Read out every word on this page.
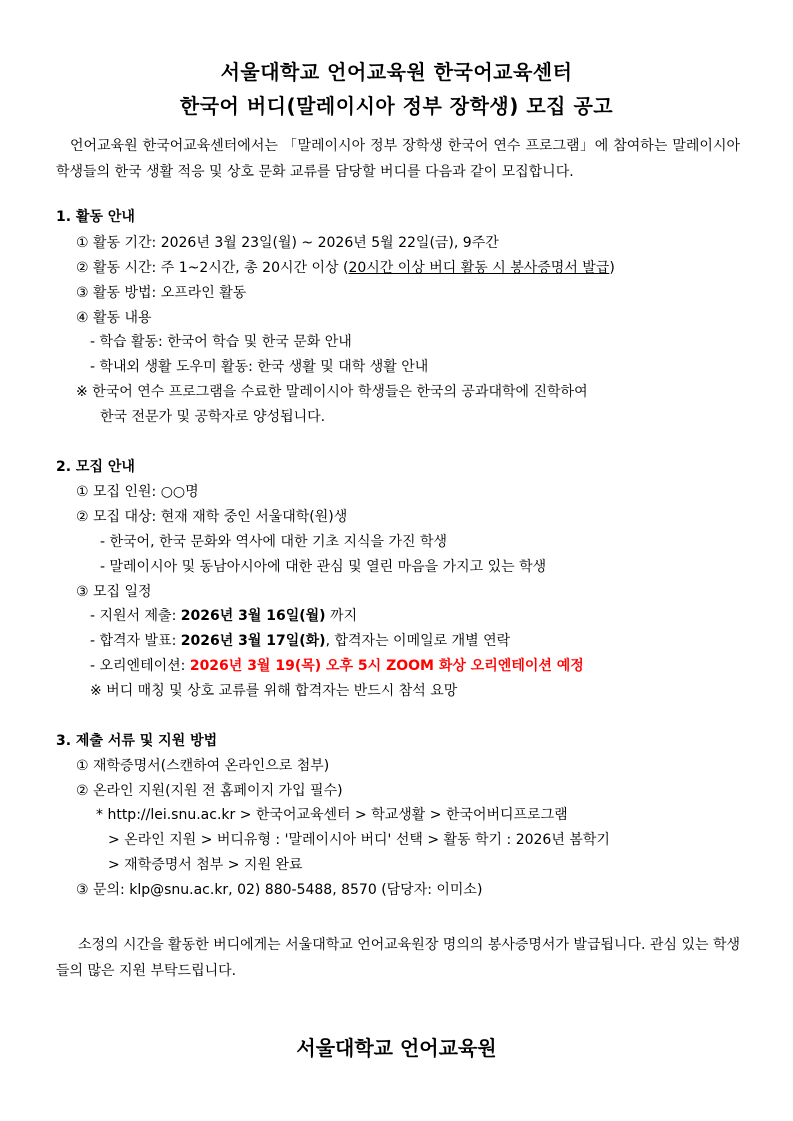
서울대학교 언어교육원 한국어교육센터
한국어 버디(말레이시아 정부 장학생) 모집 공고
언어교육원 한국어교육센터에서는 「말레이시아 정부 장학생 한국어 연수 프로그램」에 참여하는 말레이시아 학생들의 한국 생활 적응 및 상호 문화 교류를 담당할 버디를 다음과 같이 모집합니다.
1. 활동 안내
① 활동 기간: 2026년 3월 23일(월) ~ 2026년 5월 22일(금), 9주간
② 활동 시간: 주 1~2시간, 총 20시간 이상 (20시간 이상 버디 활동 시 봉사증명서 발급)
③ 활동 방법: 오프라인 활동
④ 활동 내용
- 학습 활동: 한국어 학습 및 한국 문화 안내
- 학내외 생활 도우미 활동: 한국 생활 및 대학 생활 안내
※ 한국어 연수 프로그램을 수료한 말레이시아 학생들은 한국의 공과대학에 진학하여
한국 전문가 및 공학자로 양성됩니다.
2. 모집 안내
① 모집 인원: ○○명
② 모집 대상: 현재 재학 중인 서울대학(원)생
- 한국어, 한국 문화와 역사에 대한 기초 지식을 가진 학생
- 말레이시아 및 동남아시아에 대한 관심 및 열린 마음을 가지고 있는 학생
③ 모집 일정
- 지원서 제출: 2026년 3월 16일(월) 까지
- 합격자 발표: 2026년 3월 17일(화), 합격자는 이메일로 개별 연락
- 오리엔테이션: 2026년 3월 19(목) 오후 5시 ZOOM 화상 오리엔테이션 예정
※ 버디 매칭 및 상호 교류를 위해 합격자는 반드시 참석 요망
3. 제출 서류 및 지원 방법
① 재학증명서(스캔하여 온라인으로 첨부)
② 온라인 지원(지원 전 홈페이지 가입 필수)
* http://lei.snu.ac.kr > 한국어교육센터 > 학교생활 > 한국어버디프로그램
> 온라인 지원 > 버디유형 : '말레이시아 버디' 선택 > 활동 학기 : 2026년 봄학기
> 재학증명서 첨부 > 지원 완료
③ 문의: klp@snu.ac.kr, 02) 880-5488, 8570 (담당자: 이미소)
소정의 시간을 활동한 버디에게는 서울대학교 언어교육원장 명의의 봉사증명서가 발급됩니다. 관심 있는 학생들의 많은 지원 부탁드립니다.
서울대학교 언어교육원
